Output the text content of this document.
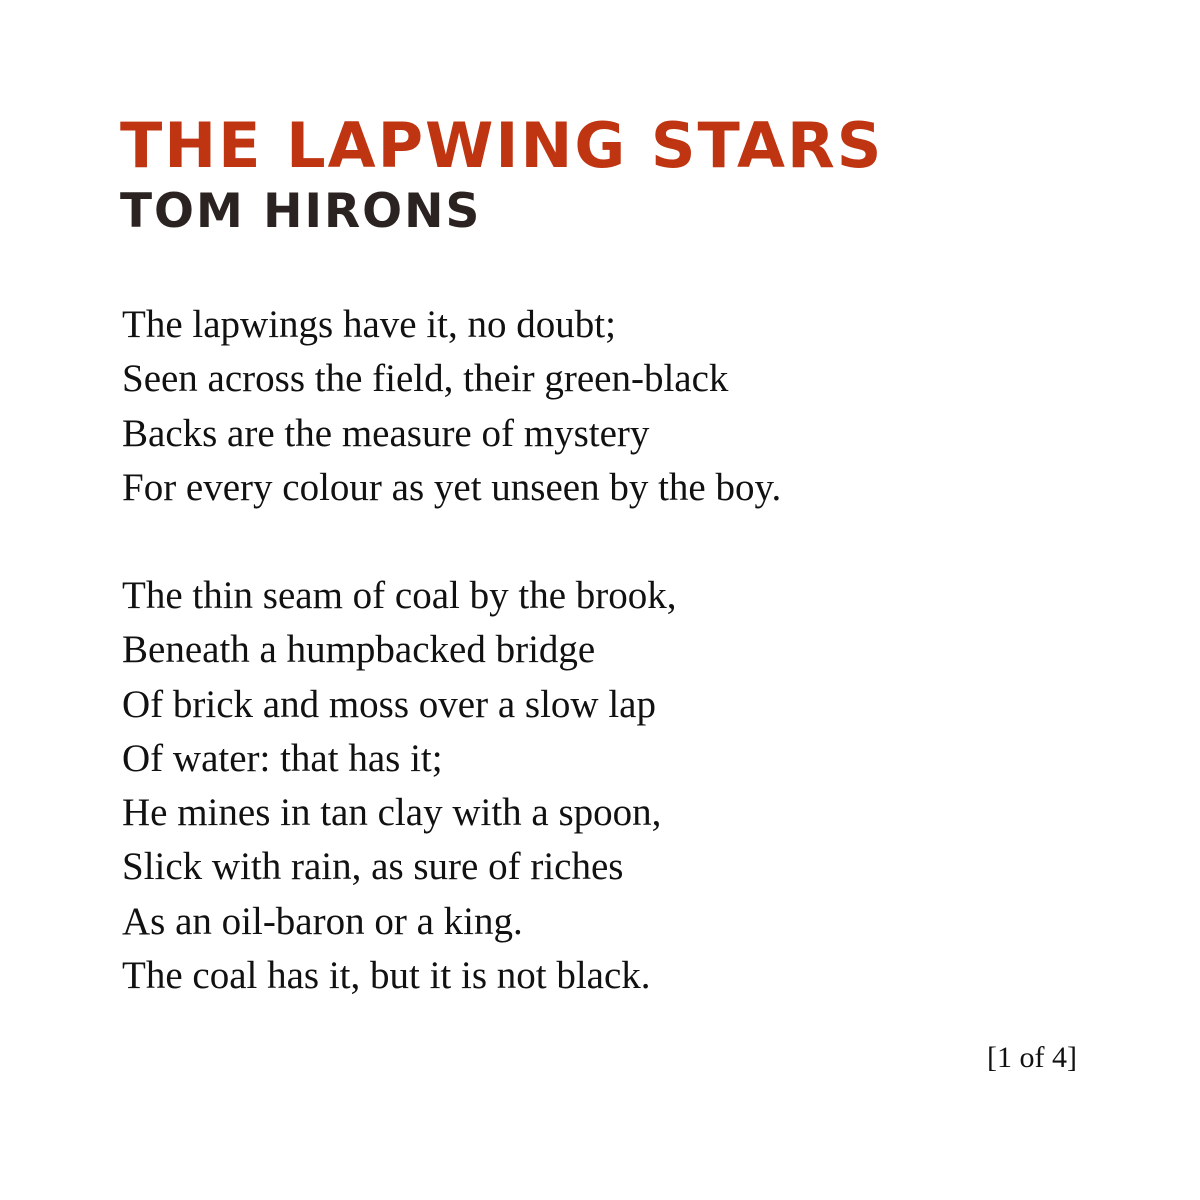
THE LAPWING STARS
TOM HIRONS
The lapwings have it, no doubt;
Seen across the field, their green-black
Backs are the measure of mystery
For every colour as yet unseen by the boy.
The thin seam of coal by the brook,
Beneath a humpbacked bridge
Of brick and moss over a slow lap
Of water: that has it;
He mines in tan clay with a spoon,
Slick with rain, as sure of riches
As an oil-baron or a king.
The coal has it, but it is not black.
[1 of 4]
